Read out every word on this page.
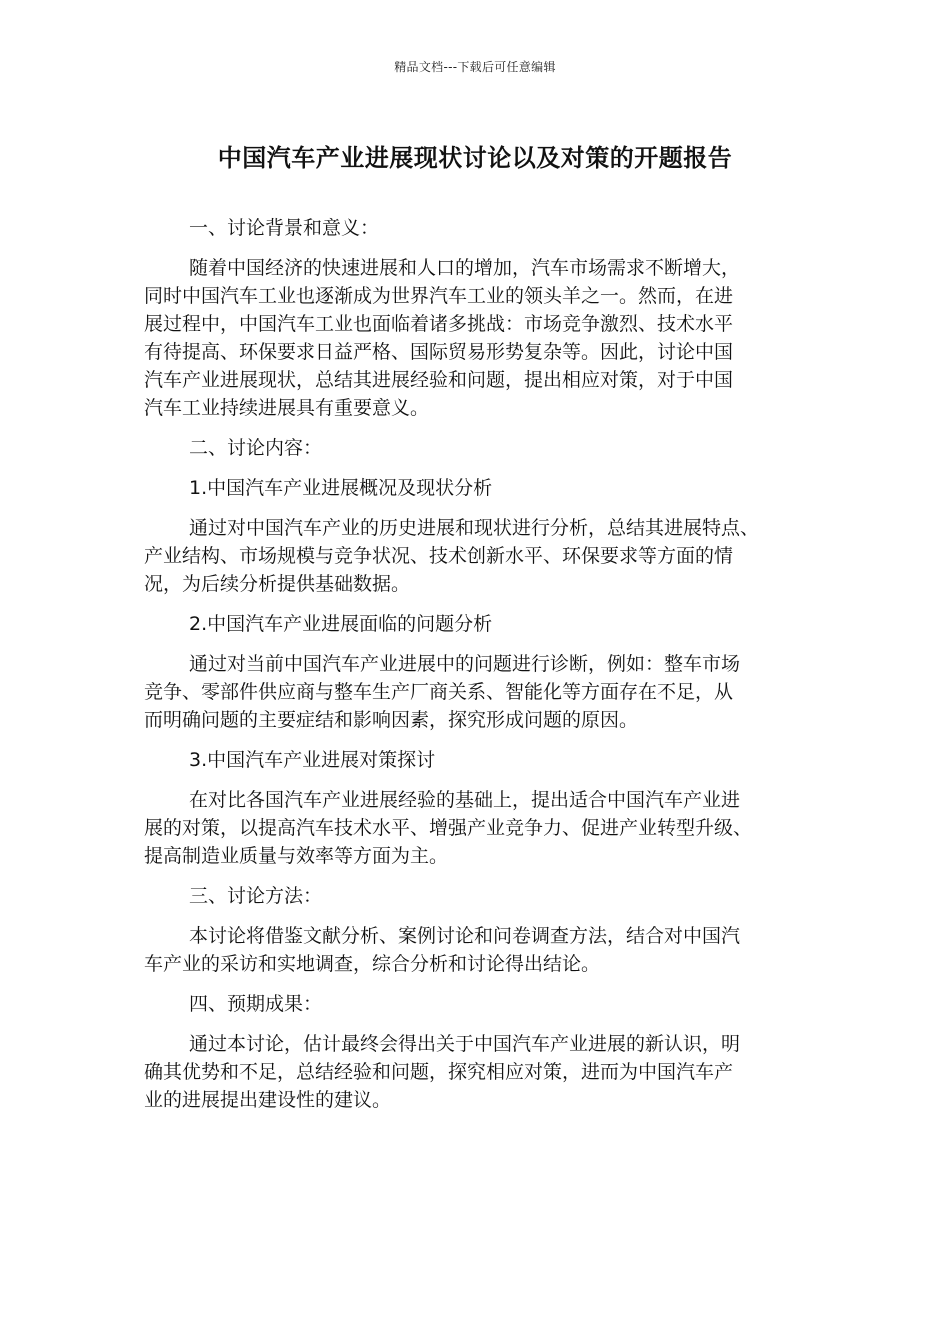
精品文档---下载后可任意编辑
中国汽车产业进展现状讨论以及对策的开题报告
一、讨论背景和意义：
随着中国经济的快速进展和人口的增加，汽车市场需求不断增大，
同时中国汽车工业也逐渐成为世界汽车工业的领头羊之一。然而，在进
展过程中，中国汽车工业也面临着诸多挑战：市场竞争激烈、技术水平
有待提高、环保要求日益严格、国际贸易形势复杂等。因此，讨论中国
汽车产业进展现状，总结其进展经验和问题，提出相应对策，对于中国
汽车工业持续进展具有重要意义。
二、讨论内容：
1.中国汽车产业进展概况及现状分析
通过对中国汽车产业的历史进展和现状进行分析，总结其进展特点、
产业结构、市场规模与竞争状况、技术创新水平、环保要求等方面的情
况，为后续分析提供基础数据。
2.中国汽车产业进展面临的问题分析
通过对当前中国汽车产业进展中的问题进行诊断，例如：整车市场
竞争、零部件供应商与整车生产厂商关系、智能化等方面存在不足，从
而明确问题的主要症结和影响因素，探究形成问题的原因。
3.中国汽车产业进展对策探讨
在对比各国汽车产业进展经验的基础上，提出适合中国汽车产业进
展的对策，以提高汽车技术水平、增强产业竞争力、促进产业转型升级、
提高制造业质量与效率等方面为主。
三、讨论方法：
本讨论将借鉴文献分析、案例讨论和问卷调查方法，结合对中国汽
车产业的采访和实地调查，综合分析和讨论得出结论。
四、预期成果：
通过本讨论，估计最终会得出关于中国汽车产业进展的新认识，明
确其优势和不足，总结经验和问题，探究相应对策，进而为中国汽车产
业的进展提出建设性的建议。
